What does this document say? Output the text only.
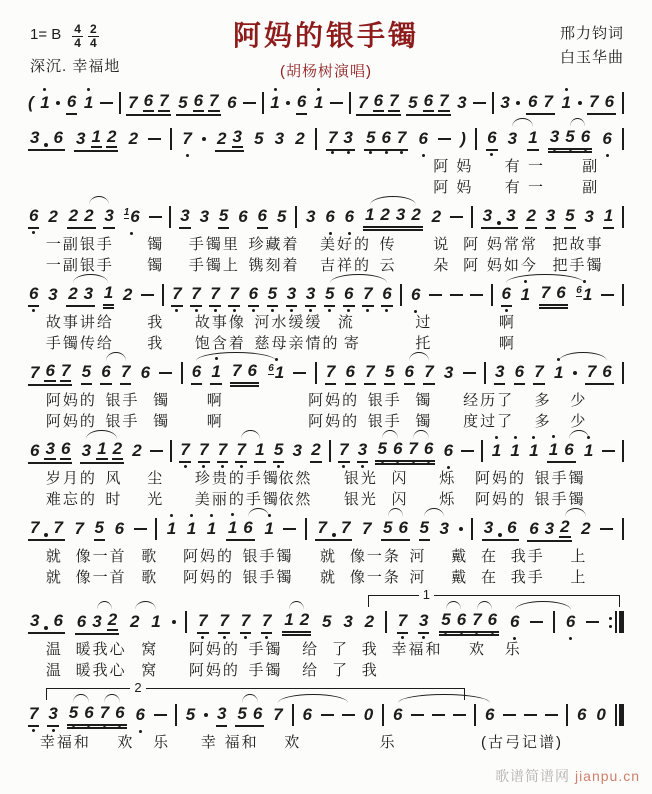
1= B $\frac{4}{4} \frac{2}{4}$
深沉. 幸福地
阿妈的银手镯
(胡杨树演唱)
邢力钧词
白玉华曲
( 1 6 1 7 6 7 5 6 7 6 1 6 1 7 6 7 5 6 7 3 3 6 7 1 7 6
3 6 3 1 2 2	7 2 3 5 3 2 7 3 5 6 7 6 ) 6 3 1 3 5 6 6
阿 妈 有 一 副
阿 妈 有 一 副
6 2 2 2 3 16 3 3 5 6 6 5 3 6 6 1 2 3 2 2 3 3 2 3 5 3 1
一副银手 镯 手镯里 珍藏着 美好的 传 说 阿 妈常常 把故事
一副银手 镯 手镯上 镌刻着 吉祥的 云 朵 阿 妈如今 把手镯
6 3 2 3 1 2 7 7 7 7 6 5 3 3 5 6 7 6 6	6 1 7 6 61
故事讲给 我 故事像 河水缓缓 流	过	啊
手镯传给 我 饱含着 慈母亲情的 寄	托	啊
7 6 7 5 6 7 6 6 1 7 6 61 7 6 7 5 6 7 3 3 6 7 1 7 6
阿妈的 银手 镯 啊	阿妈的 银手 镯 经历了 多 少
阿妈的 银手 镯 啊	阿妈的 银手 镯 度过了 多 少
6 3 6 3 1 2 2 7 7 7 7 1 5 3 2 7 3 5 6 7 6 6 1 1 1 1 6 1
岁月的 风 尘 珍贵的手镯
依然 银光 闪 烁 阿妈的 银手镯
难忘的 时 光 美丽的手镯
依然 银光 闪 烁 阿妈的 银手镯
7 7 7 5 6	1 1 1 1 6 1	7 7 7 5 6 5 3 3 6 6 3 2 2
就 像一首 歌 阿妈的 银手镯 就 像一条 河 戴 在 我手 上
就 像一首 歌 阿妈的 银手镯 就 像一条 河 戴 在 我手 上
1
3 6 6 3 2 2 1 7 7 7 7 1 2 5 3 2 7 3 5 6 7 6 6	6
温 暖我心 窝 阿妈的 手镯 给 了 我 幸福和 欢 乐
温 暖我心 窝 阿妈的 手镯 给 了 我
2
7 3 5 6 7 6 6 5 3 5 6 7 6	0 6	6	6 0
幸福和 欢 乐 幸 福和 欢	乐	(古弓记谱)
歌谱简谱网 jianpu.cn
